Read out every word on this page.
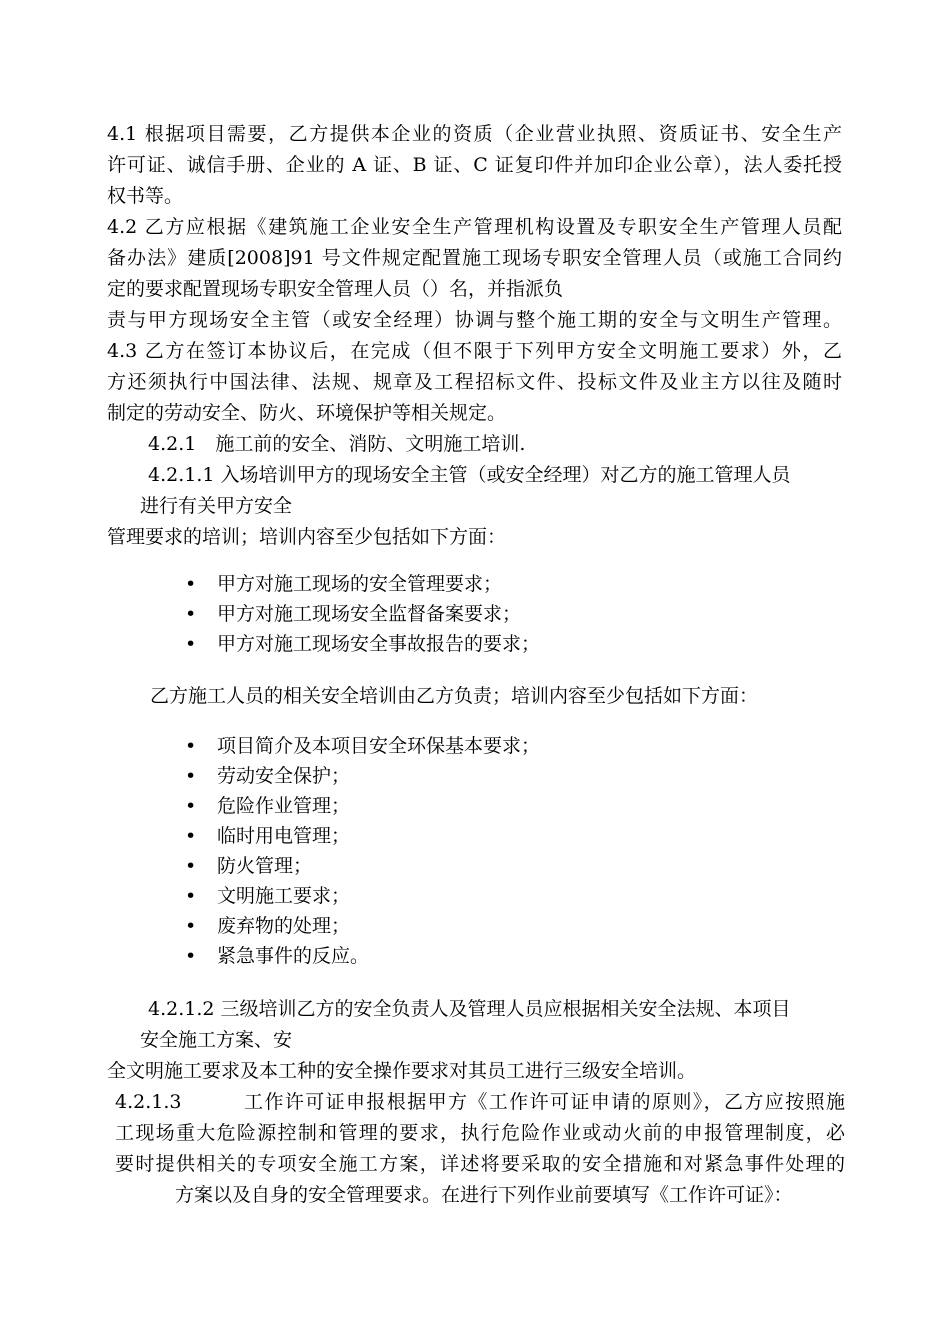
4.1 根据项目需要，乙方提供本企业的资质（企业营业执照、资质证书、安全生产
许可证、诚信手册、企业的 A 证、B 证、C 证复印件并加印企业公章），法人委托授
权书等。
4.2 乙方应根据《建筑施工企业安全生产管理机构设置及专职安全生产管理人员配
备办法》建质[2008]91 号文件规定配置施工现场专职安全管理人员（或施工合同约
定的要求配置现场专职安全管理人员（）名，并指派负
责与甲方现场安全主管（或安全经理）协调与整个施工期的安全与文明生产管理。
4.3 乙方在签订本协议后，在完成（但不限于下列甲方安全文明施工要求）外，乙
方还须执行中国法律、法规、规章及工程招标文件、投标文件及业主方以往及随时
制定的劳动安全、防火、环境保护等相关规定。
4.2.1　施工前的安全、消防、文明施工培训.
4.2.1.1 入场培训甲方的现场安全主管（或安全经理）对乙方的施工管理人员
进行有关甲方安全
管理要求的培训；培训内容至少包括如下方面：
• 甲方对施工现场的安全管理要求；
• 甲方对施工现场安全监督备案要求；
• 甲方对施工现场安全事故报告的要求；
乙方施工人员的相关安全培训由乙方负责；培训内容至少包括如下方面：
• 项目简介及本项目安全环保基本要求；
• 劳动安全保护；
• 危险作业管理；
• 临时用电管理；
• 防火管理；
• 文明施工要求；
• 废弃物的处理；
• 紧急事件的反应。
4.2.1.2 三级培训乙方的安全负责人及管理人员应根据相关安全法规、本项目
安全施工方案、安
全文明施工要求及本工种的安全操作要求对其员工进行三级安全培训。
4.2.1.3　　　工作许可证申报根据甲方《工作许可证申请的原则》，乙方应按照施
工现场重大危险源控制和管理的要求，执行危险作业或动火前的申报管理制度，必
要时提供相关的专项安全施工方案，详述将要采取的安全措施和对紧急事件处理的
方案以及自身的安全管理要求。在进行下列作业前要填写《工作许可证》：
